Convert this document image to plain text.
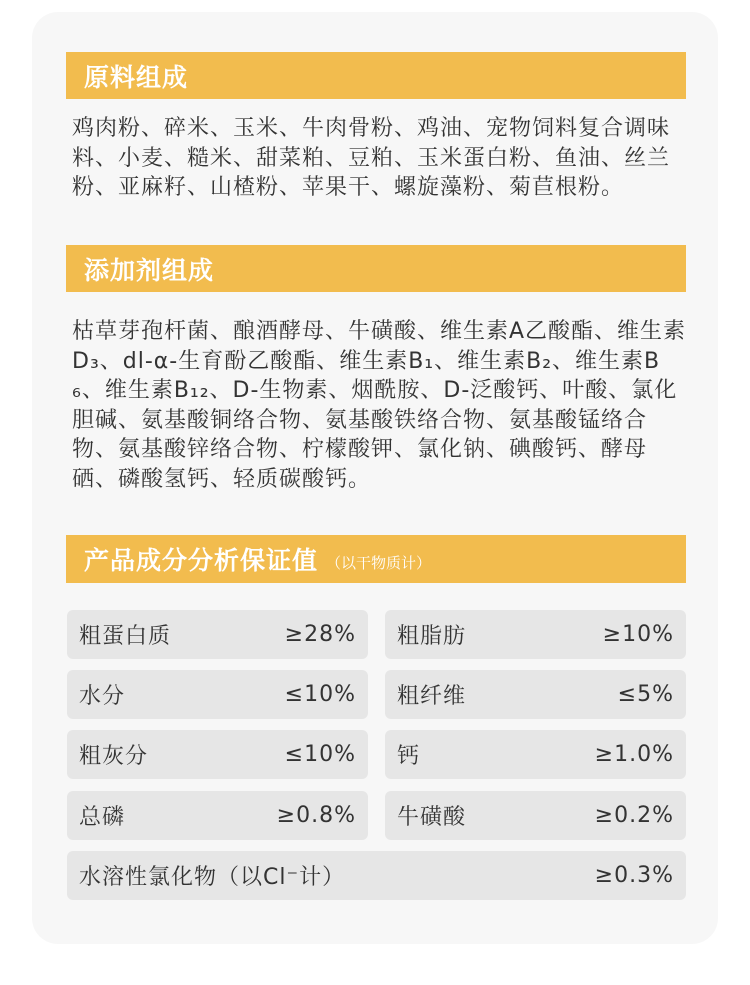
原料组成
鸡肉粉、碎米、玉米、牛肉骨粉、鸡油、宠物饲料复合调味料、小麦、糙米、甜菜粕、豆粕、玉米蛋白粉、鱼油、丝兰粉、亚麻籽、山楂粉、苹果干、螺旋藻粉、菊苣根粉。
添加剂组成
枯草芽孢杆菌、酿酒酵母、牛磺酸、维生素A乙酸酯、维生素D₃、dl-α-生育酚乙酸酯、维生素B₁、维生素B₂、维生素B₆、维生素B₁₂、D-生物素、烟酰胺、D-泛酸钙、叶酸、氯化胆碱、氨基酸铜络合物、氨基酸铁络合物、氨基酸锰络合物、氨基酸锌络合物、柠檬酸钾、氯化钠、碘酸钙、酵母硒、磷酸氢钙、轻质碳酸钙。
产品成分分析保证值 （以干物质计）
粗蛋白质	≥28% 粗脂肪	≥10%
水分	≤10% 粗纤维	≤5%
粗灰分	≤10% 钙	≥1.0%
总磷	≥0.8% 牛磺酸	≥0.2%
水溶性氯化物（以Cl⁻计）	≥0.3%
